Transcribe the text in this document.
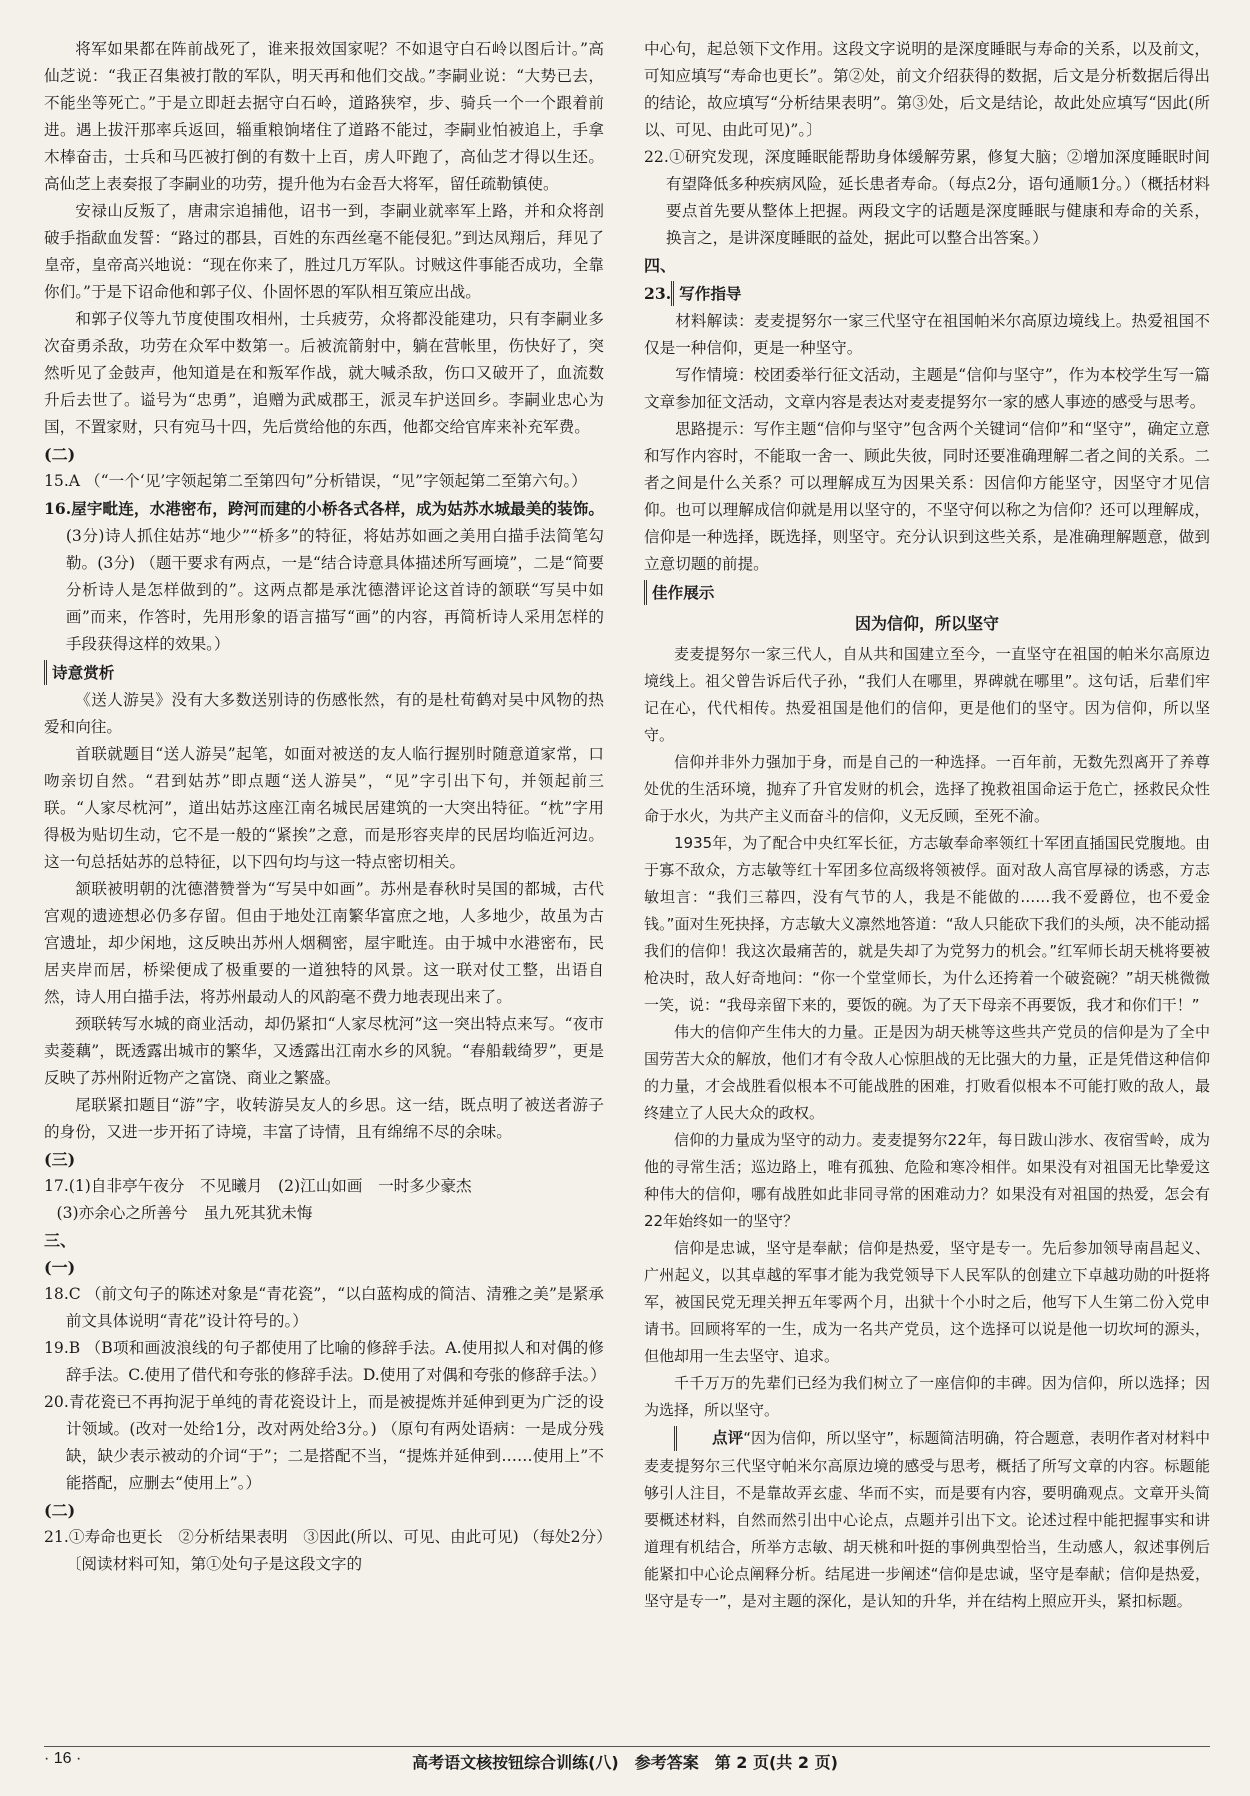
将军如果都在阵前战死了，谁来报效国家呢？不如退守白石岭以图后计。”高仙芝说：“我正召集被打散的军队，明天再和他们交战。”李嗣业说：“大势已去，不能坐等死亡。”于是立即赶去据守白石岭，道路狭窄，步、骑兵一个一个跟着前进。遇上拔汗那率兵返回，辎重粮饷堵住了道路不能过，李嗣业怕被追上，手拿木棒奋击，士兵和马匹被打倒的有数十上百，虏人吓跑了，高仙芝才得以生还。高仙芝上表奏报了李嗣业的功劳，提升他为右金吾大将军，留任疏勒镇使。

安禄山反叛了，唐肃宗追捕他，诏书一到，李嗣业就率军上路，并和众将剖破手指歃血发誓：“路过的郡县，百姓的东西丝毫不能侵犯。”到达凤翔后，拜见了皇帝，皇帝高兴地说：“现在你来了，胜过几万军队。讨贼这件事能否成功，全靠你们。”于是下诏命他和郭子仪、仆固怀恩的军队相互策应出战。

和郭子仪等九节度使围攻相州，士兵疲劳，众将都没能建功，只有李嗣业多次奋勇杀敌，功劳在众军中数第一。后被流箭射中，躺在营帐里，伤快好了，突然听见了金鼓声，他知道是在和叛军作战，就大喊杀敌，伤口又破开了，血流数升后去世了。谥号为“忠勇”，追赠为武威郡王，派灵车护送回乡。李嗣业忠心为国，不置家财，只有宛马十四，先后赏给他的东西，他都交给官库来补充军费。

(二)

15.A （“一个‘见’字领起第二至第四句”分析错误，“见”字领起第二至第六句。）

16.屋宇毗连，水港密布，跨河而建的小桥各式各样，成为姑苏水城最美的装饰。(3分)诗人抓住姑苏“地少”“桥多”的特征，将姑苏如画之美用白描手法简笔勾勒。(3分) （题干要求有两点，一是“结合诗意具体描述所写画境”，二是“简要分析诗人是怎样做到的”。这两点都是承沈德潜评论这首诗的颔联“写吴中如画”而来，作答时，先用形象的语言描写“画”的内容，再简析诗人采用怎样的手段获得这样的效果。）

诗意赏析

《送人游吴》没有大多数送别诗的伤感怅然，有的是杜荀鹤对吴中风物的热爱和向往。

首联就题目“送人游吴”起笔，如面对被送的友人临行握别时随意道家常，口吻亲切自然。“君到姑苏”即点题“送人游吴”，“见”字引出下句，并领起前三联。“人家尽枕河”，道出姑苏这座江南名城民居建筑的一大突出特征。“枕”字用得极为贴切生动，它不是一般的“紧挨”之意，而是形容夹岸的民居均临近河边。这一句总括姑苏的总特征，以下四句均与这一特点密切相关。

颔联被明朝的沈德潜赞誉为“写吴中如画”。苏州是春秋时吴国的都城，古代宫观的遗迹想必仍多存留。但由于地处江南繁华富庶之地，人多地少，故虽为古宫遗址，却少闲地，这反映出苏州人烟稠密，屋宇毗连。由于城中水港密布，民居夹岸而居，桥梁便成了极重要的一道独特的风景。这一联对仗工整，出语自然，诗人用白描手法，将苏州最动人的风韵毫不费力地表现出来了。

颈联转写水城的商业活动，却仍紧扣“人家尽枕河”这一突出特点来写。“夜市卖菱藕”，既透露出城市的繁华，又透露出江南水乡的风貌。“春船载绮罗”，更是反映了苏州附近物产之富饶、商业之繁盛。

尾联紧扣题目“游”字，收转游吴友人的乡思。这一结，既点明了被送者游子的身份，又进一步开拓了诗境，丰富了诗情，且有绵绵不尽的余味。

(三)

17.(1)自非亭午夜分　不见曦月　(2)江山如画　一时多少豪杰

(3)亦余心之所善兮　虽九死其犹未悔

三、

(一)

18.C （前文句子的陈述对象是“青花瓷”，“以白蓝构成的简洁、清雅之美”是紧承前文具体说明“青花”设计符号的。）

19.B （B项和画波浪线的句子都使用了比喻的修辞手法。A.使用拟人和对偶的修辞手法。C.使用了借代和夸张的修辞手法。D.使用了对偶和夸张的修辞手法。）

20.青花瓷已不再拘泥于单纯的青花瓷设计上，而是被提炼并延伸到更为广泛的设计领域。(改对一处给1分，改对两处给3分。) （原句有两处语病：一是成分残缺，缺少表示被动的介词“于”；二是搭配不当，“提炼并延伸到……使用上”不能搭配，应删去“使用上”。）

(二)

21.①寿命也更长　②分析结果表明　③因此(所以、可见、由此可见) （每处2分）〔阅读材料可知，第①处句子是这段文字的

中心句，起总领下文作用。这段文字说明的是深度睡眠与寿命的关系，以及前文，可知应填写“寿命也更长”。第②处，前文介绍获得的数据，后文是分析数据后得出的结论，故应填写“分析结果表明”。第③处，后文是结论，故此处应填写“因此(所以、可见、由此可见)”。〕

22.①研究发现，深度睡眠能帮助身体缓解劳累，修复大脑；②增加深度睡眠时间有望降低多种疾病风险，延长患者寿命。（每点2分，语句通顺1分。）（概括材料要点首先要从整体上把握。两段文字的话题是深度睡眠与健康和寿命的关系，换言之，是讲深度睡眠的益处，据此可以整合出答案。）

四、

23. 写作指导

材料解读：麦麦提努尔一家三代坚守在祖国帕米尔高原边境线上。热爱祖国不仅是一种信仰，更是一种坚守。

写作情境：校团委举行征文活动，主题是“信仰与坚守”，作为本校学生写一篇文章参加征文活动，文章内容是表达对麦麦提努尔一家的感人事迹的感受与思考。

思路提示：写作主题“信仰与坚守”包含两个关键词“信仰”和“坚守”，确定立意和写作内容时，不能取一舍一、顾此失彼，同时还要准确理解二者之间的关系。二者之间是什么关系？可以理解成互为因果关系：因信仰方能坚守，因坚守才见信仰。也可以理解成信仰就是用以坚守的，不坚守何以称之为信仰？还可以理解成，信仰是一种选择，既选择，则坚守。充分认识到这些关系，是准确理解题意，做到立意切题的前提。

佳作展示
因为信仰，所以坚守

麦麦提努尔一家三代人，自从共和国建立至今，一直坚守在祖国的帕米尔高原边境线上。祖父曾告诉后代子孙，“我们人在哪里，界碑就在哪里”。这句话，后辈们牢记在心，代代相传。热爱祖国是他们的信仰，更是他们的坚守。因为信仰，所以坚守。

信仰并非外力强加于身，而是自己的一种选择。一百年前，无数先烈离开了养尊处优的生活环境，抛弃了升官发财的机会，选择了挽救祖国命运于危亡，拯救民众性命于水火，为共产主义而奋斗的信仰，义无反顾，至死不渝。

1935年，为了配合中央红军长征，方志敏奉命率领红十军团直插国民党腹地。由于寡不敌众，方志敏等红十军团多位高级将领被俘。面对敌人高官厚禄的诱惑，方志敏坦言：“我们三幕四，没有气节的人，我是不能做的……我不爱爵位，也不爱金钱。”面对生死抉择，方志敏大义凛然地答道：“敌人只能砍下我们的头颅，决不能动摇我们的信仰！我这次最痛苦的，就是失却了为党努力的机会。”红军师长胡天桃将要被枪决时，敌人好奇地问：“你一个堂堂师长，为什么还挎着一个破瓷碗？”胡天桃微微一笑，说：“我母亲留下来的，要饭的碗。为了天下母亲不再要饭，我才和你们干！”

伟大的信仰产生伟大的力量。正是因为胡天桃等这些共产党员的信仰是为了全中国劳苦大众的解放，他们才有令敌人心惊胆战的无比强大的力量，正是凭借这种信仰的力量，才会战胜看似根本不可能战胜的困难，打败看似根本不可能打败的敌人，最终建立了人民大众的政权。

信仰的力量成为坚守的动力。麦麦提努尔22年，每日跋山涉水、夜宿雪岭，成为他的寻常生活；巡边路上，唯有孤独、危险和寒冷相伴。如果没有对祖国无比挚爱这种伟大的信仰，哪有战胜如此非同寻常的困难动力？如果没有对祖国的热爱，怎会有22年始终如一的坚守？

信仰是忠诚，坚守是奉献；信仰是热爱，坚守是专一。先后参加领导南昌起义、广州起义，以其卓越的军事才能为我党领导下人民军队的创建立下卓越功勋的叶挺将军，被国民党无理关押五年零两个月，出狱十个小时之后，他写下人生第二份入党申请书。回顾将军的一生，成为一名共产党员，这个选择可以说是他一切坎坷的源头，但他却用一生去坚守、追求。

千千万万的先辈们已经为我们树立了一座信仰的丰碑。因为信仰，所以选择；因为选择，所以坚守。

点评“因为信仰，所以坚守”，标题简洁明确，符合题意，表明作者对材料中麦麦提努尔三代坚守帕米尔高原边境的感受与思考，概括了所写文章的内容。标题能够引人注目，不是靠故弄玄虚、华而不实，而是要有内容，要明确观点。文章开头简要概述材料，自然而然引出中心论点，点题并引出下文。论述过程中能把握事实和讲道理有机结合，所举方志敏、胡天桃和叶挺的事例典型恰当，生动感人，叙述事例后能紧扣中心论点阐释分析。结尾进一步阐述“信仰是忠诚，坚守是奉献；信仰是热爱，坚守是专一”，是对主题的深化，是认知的升华，并在结构上照应开头，紧扣标题。

· 16 ·	高考语文核按钮综合训练(八)　参考答案　第 2 页(共 2 页)
